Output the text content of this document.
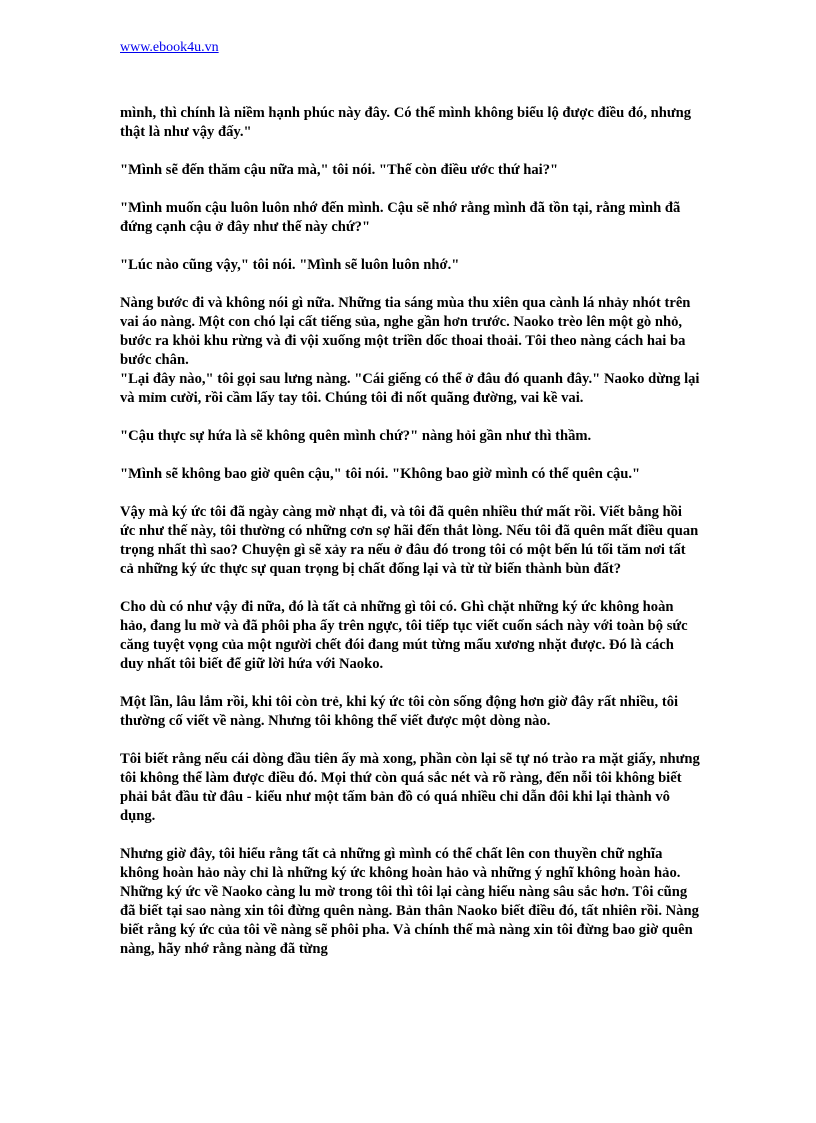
www.ebook4u.vn

mình, thì chính là niềm hạnh phúc này đây. Có thể mình không biểu lộ được điều đó, nhưng thật là như vậy đấy."

"Mình sẽ đến thăm cậu nữa mà," tôi nói. "Thế còn điều ước thứ hai?"

"Mình muốn cậu luôn luôn nhớ đến mình. Cậu sẽ nhớ rằng mình đã tồn tại, rằng mình đã đứng cạnh cậu ở đây như thế này chứ?"

"Lúc nào cũng vậy," tôi nói. "Mình sẽ luôn luôn nhớ."

Nàng bước đi và không nói gì nữa. Những tia sáng mùa thu xiên qua cành lá nhảy nhót trên vai áo nàng. Một con chó lại cất tiếng sủa, nghe gần hơn trước. Naoko trèo lên một gò nhỏ, bước ra khỏi khu rừng và đi vội xuống một triền dốc thoai thoải. Tôi theo nàng cách hai ba bước chân.

"Lại đây nào," tôi gọi sau lưng nàng. "Cái giếng có thể ở đâu đó quanh đây." Naoko dừng lại và mỉm cười, rồi cầm lấy tay tôi. Chúng tôi đi nốt quãng đường, vai kề vai.

"Cậu thực sự hứa là sẽ không quên mình chứ?" nàng hỏi gần như thì thầm.

"Mình sẽ không bao giờ quên cậu," tôi nói. "Không bao giờ mình có thể quên cậu."

Vậy mà ký ức tôi đã ngày càng mờ nhạt đi, và tôi đã quên nhiều thứ mất rồi. Viết bằng hồi ức như thế này, tôi thường có những cơn sợ hãi đến thắt lòng. Nếu tôi đã quên mất điều quan trọng nhất thì sao? Chuyện gì sẽ xảy ra nếu ở đâu đó trong tôi có một bến lú tối tăm nơi tất cả những ký ức thực sự quan trọng bị chất đống lại và từ từ biến thành bùn đất?

Cho dù có như vậy đi nữa, đó là tất cả những gì tôi có. Ghì chặt những ký ức không hoàn hảo, đang lu mờ và đã phôi pha ấy trên ngực, tôi tiếp tục viết cuốn sách này với toàn bộ sức căng tuyệt vọng của một người chết đói đang mút từng mẩu xương nhặt được. Đó là cách duy nhất tôi biết để giữ lời hứa với Naoko.

Một lần, lâu lắm rồi, khi tôi còn trẻ, khi ký ức tôi còn sống động hơn giờ đây rất nhiều, tôi thường cố viết về nàng. Nhưng tôi không thể viết được một dòng nào.

Tôi biết rằng nếu cái dòng đầu tiên ấy mà xong, phần còn lại sẽ tự nó trào ra mặt giấy, nhưng tôi không thể làm được điều đó. Mọi thứ còn quá sắc nét và rõ ràng, đến nỗi tôi không biết phải bắt đầu từ đâu - kiểu như một tấm bản đồ có quá nhiều chỉ dẫn đôi khi lại thành vô dụng.

Nhưng giờ đây, tôi hiểu rằng tất cả những gì mình có thể chất lên con thuyền chữ nghĩa không hoàn hảo này chỉ là những ký ức không hoàn hảo và những ý nghĩ không hoàn hảo. Những ký ức về Naoko càng lu mờ trong tôi thì tôi lại càng hiểu nàng sâu sắc hơn. Tôi cũng đã biết tại sao nàng xin tôi đừng quên nàng. Bản thân Naoko biết điều đó, tất nhiên rồi. Nàng biết rằng ký ức của tôi về nàng sẽ phôi pha. Và chính thế mà nàng xin tôi đừng bao giờ quên nàng, hãy nhớ rằng nàng đã từng
